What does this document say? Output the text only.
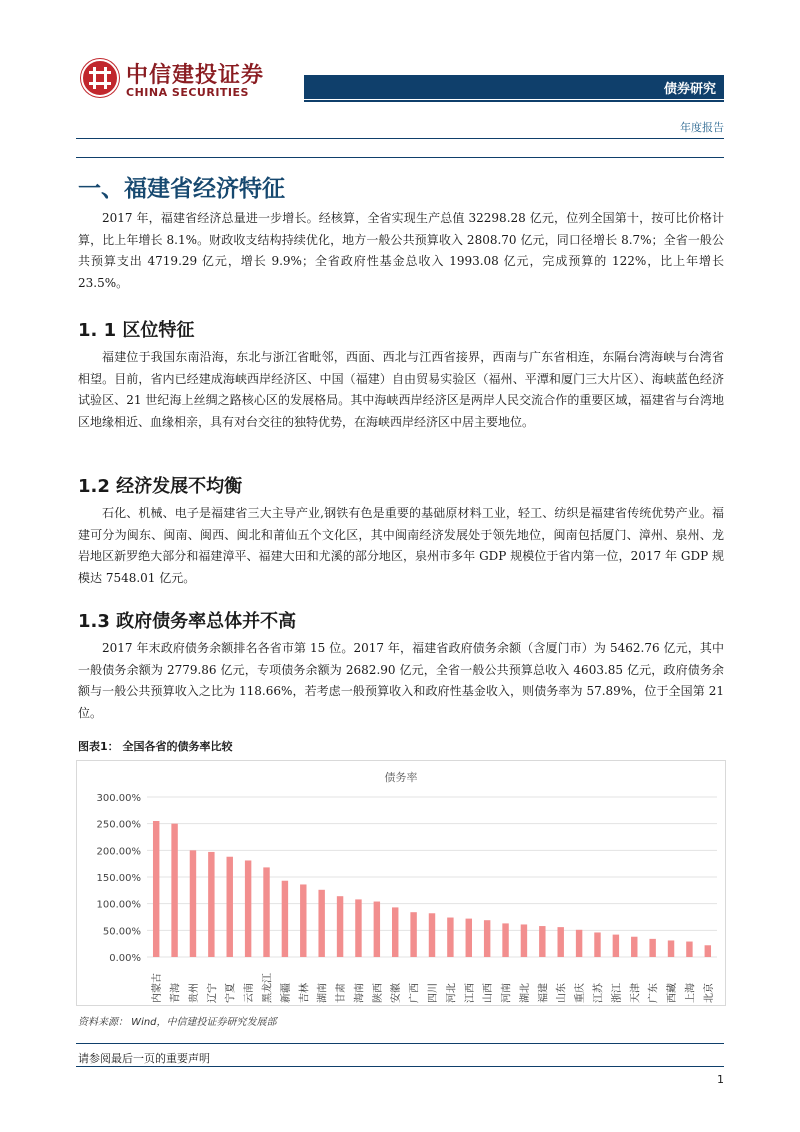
中信建投证券
CHINA SECURITIES	债券研究
年度报告
一、福建省经济特征
2017 年，福建省经济总量进一步增长。经核算，全省实现生产总值 32298.28 亿元，位列全国第十，按可比价格计算，比上年增长 8.1%。财政收支结构持续优化，地方一般公共预算收入 2808.70 亿元，同口径增长 8.7%；全省一般公共预算支出 4719.29 亿元，增长 9.9%；全省政府性基金总收入 1993.08 亿元，完成预算的 122%，比上年增长 23.5%。
1. 1 区位特征
福建位于我国东南沿海，东北与浙江省毗邻，西面、西北与江西省接界，西南与广东省相连，东隔台湾海峡与台湾省相望。目前，省内已经建成海峡西岸经济区、中国（福建）自由贸易实验区（福州、平潭和厦门三大片区）、海峡蓝色经济试验区、21 世纪海上丝绸之路核心区的发展格局。其中海峡西岸经济区是两岸人民交流合作的重要区域，福建省与台湾地区地缘相近、血缘相亲，具有对台交往的独特优势，在海峡西岸经济区中居主要地位。
1.2 经济发展不均衡
石化、机械、电子是福建省三大主导产业,钢铁有色是重要的基础原材料工业，轻工、纺织是福建省传统优势产业。福建可分为闽东、闽南、闽西、闽北和莆仙五个文化区，其中闽南经济发展处于领先地位，闽南包括厦门、漳州、泉州、龙岩地区新罗绝大部分和福建漳平、福建大田和尤溪的部分地区，泉州市多年 GDP 规模位于省内第一位，2017 年 GDP 规模达 7548.01 亿元。
1.3 政府债务率总体并不高
2017 年末政府债务余额排名各省市第 15 位。2017 年，福建省政府债务余额（含厦门市）为 5462.76 亿元，其中一般债务余额为 2779.86 亿元，专项债务余额为 2682.90 亿元，全省一般公共预算总收入 4603.85 亿元，政府债务余额与一般公共预算收入之比为 118.66%，若考虑一般预算收入和政府性基金收入，则债务率为 57.89%，位于全国第 21 位。
图表1： 全国各省的债务率比较
债务率
300.00%
250.00%
200.00%
150.00%
100.00%
50.00%
0.00%
内蒙古 青海 贵州 辽宁 宁夏 云南 黑龙江 新疆 吉林 湖南 甘肃 海南 陕西 安徽 广西 四川 河北 江西 山西 河南 湖北 福建 山东 重庆 江苏 浙江 天津 广东 西藏 上海 北京
资料来源： Wind，中信建投证券研究发展部
请参阅最后一页的重要声明
1
